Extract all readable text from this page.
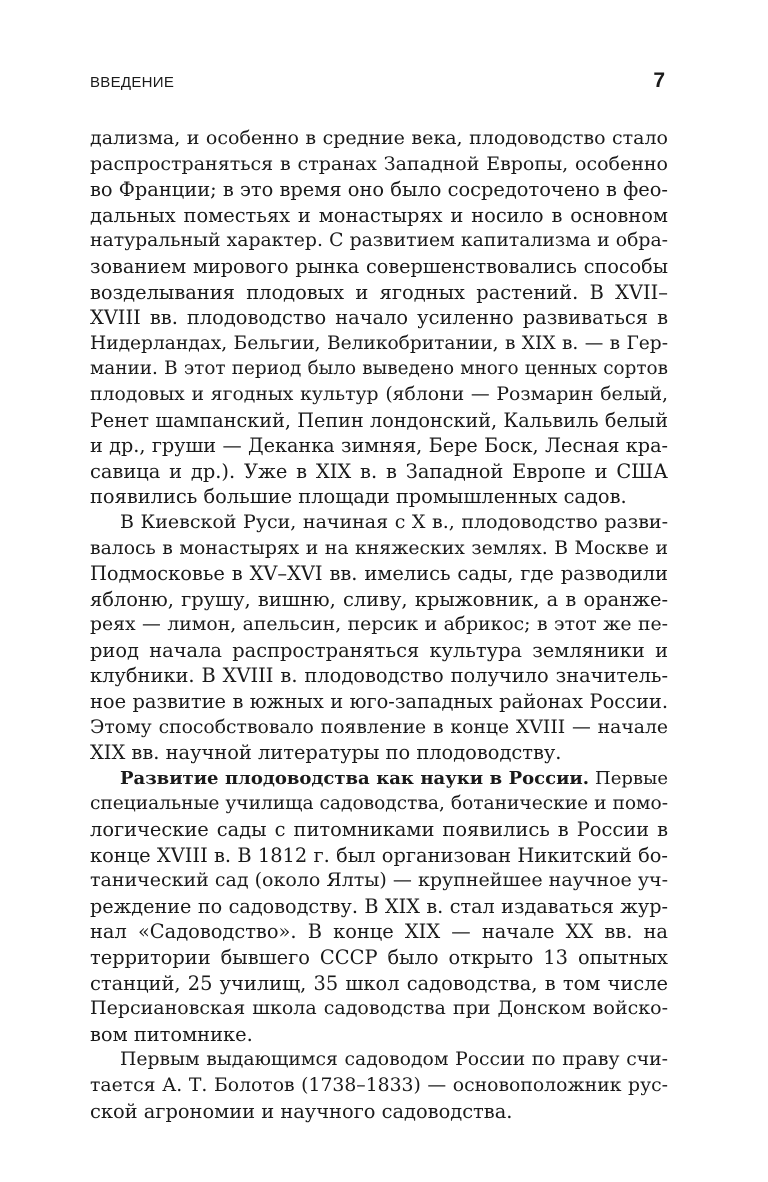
ВВЕДЕНИЕ	7
дализма, и особенно в средние века, плодоводство стало
распространяться в странах Западной Европы, особенно
во Франции; в это время оно было сосредоточено в фео-
дальных поместьях и монастырях и носило в основном
натуральный характер. С развитием капитализма и обра-
зованием мирового рынка совершенствовались способы
возделывания плодовых и ягодных растений. В XVII–
XVIII вв. плодоводство начало усиленно развиваться в
Нидерландах, Бельгии, Великобритании, в XIX в. — в Гер-
мании. В этот период было выведено много ценных сортов
плодовых и ягодных культур (яблони — Розмарин белый,
Ренет шампанский, Пепин лондонский, Кальвиль белый
и др., груши — Деканка зимняя, Бере Боск, Лесная кра-
савица и др.). Уже в XIX в. в Западной Европе и США
появились большие площади промышленных садов.
В Киевской Руси, начиная с X в., плодоводство разви-
валось в монастырях и на княжеских землях. В Москве и
Подмосковье в XV–XVI вв. имелись сады, где разводили
яблоню, грушу, вишню, сливу, крыжовник, а в оранже-
реях — лимон, апельсин, персик и абрикос; в этот же пе-
риод начала распространяться культура земляники и
клубники. В XVIII в. плодоводство получило значитель-
ное развитие в южных и юго-западных районах России.
Этому способствовало появление в конце XVIII — начале
XIX вв. научной литературы по плодоводству.
Развитие плодоводства как науки в России. Первые
специальные училища садоводства, ботанические и помо-
логические сады с питомниками появились в России в
конце XVIII в. В 1812 г. был организован Никитский бо-
танический сад (около Ялты) — крупнейшее научное уч-
реждение по садоводству. В XIX в. стал издаваться жур-
нал «Садоводство». В конце XIX — начале XX вв. на
территории бывшего СССР было открыто 13 опытных
станций, 25 училищ, 35 школ садоводства, в том числе
Персиановская школа садоводства при Донском войско-
вом питомнике.
Первым выдающимся садоводом России по праву счи-
тается А. Т. Болотов (1738–1833) — основоположник рус-
ской агрономии и научного садоводства.
